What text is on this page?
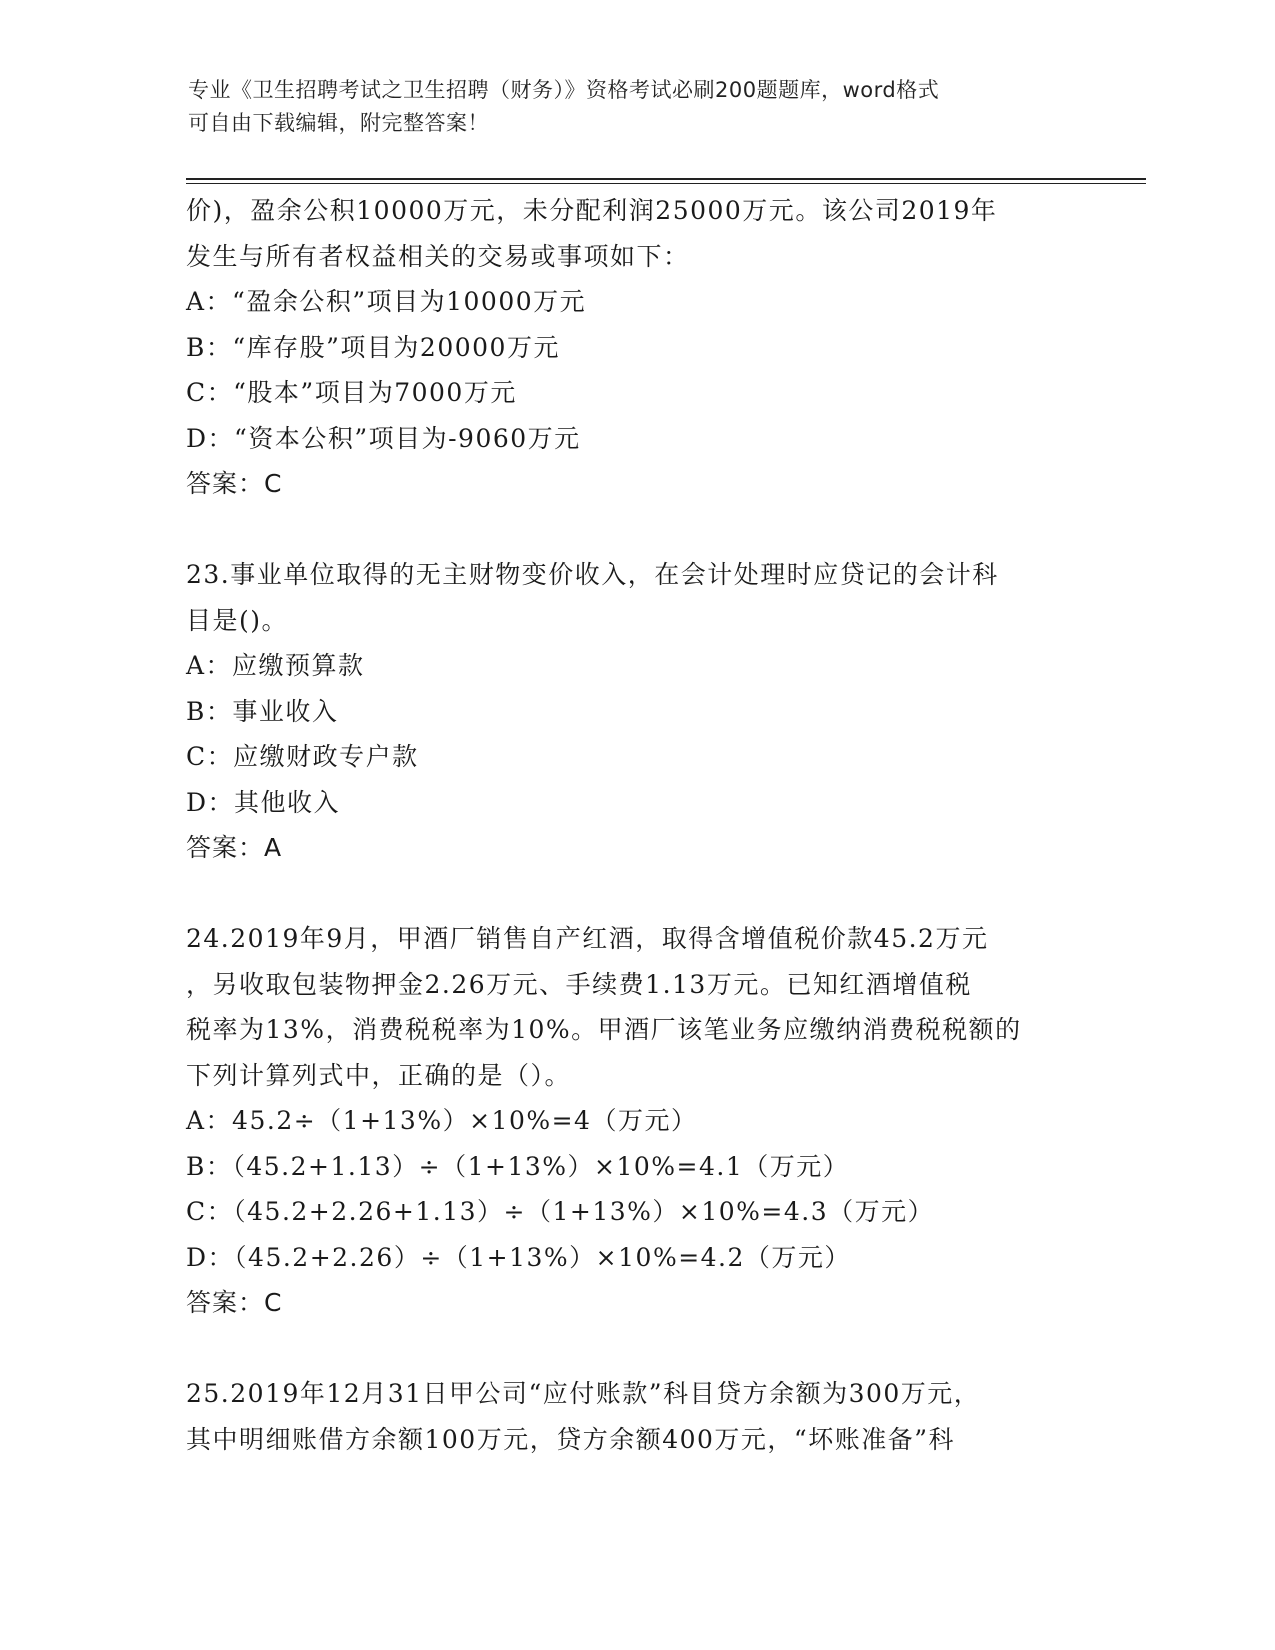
专业《卫生招聘考试之卫生招聘（财务）》资格考试必刷200题题库，word格式
可自由下载编辑，附完整答案！

价)，盈余公积10000万元，未分配利润25000万元。该公司2019年

发生与所有者权益相关的交易或事项如下：

A：“盈余公积”项目为10000万元

B：“库存股”项目为20000万元

C：“股本”项目为7000万元

D：“资本公积”项目为-9060万元

答案：C

23.事业单位取得的无主财物变价收入，在会计处理时应贷记的会计科

目是()。

A：应缴预算款

B：事业收入

C：应缴财政专户款

D：其他收入

答案：A

24.2019年9月，甲酒厂销售自产红酒，取得含增值税价款45.2万元

，另收取包装物押金2.26万元、手续费1.13万元。已知红酒增值税

税率为13%，消费税税率为10%。甲酒厂该笔业务应缴纳消费税税额的

下列计算列式中，正确的是（）。

A：45.2÷（1+13%）×10%=4（万元）

B：（45.2+1.13）÷（1+13%）×10%=4.1（万元）

C：（45.2+2.26+1.13）÷（1+13%）×10%=4.3（万元）

D：（45.2+2.26）÷（1+13%）×10%=4.2（万元）

答案：C

25.2019年12月31日甲公司“应付账款”科目贷方余额为300万元，

其中明细账借方余额100万元，贷方余额400万元，“坏账准备”科
